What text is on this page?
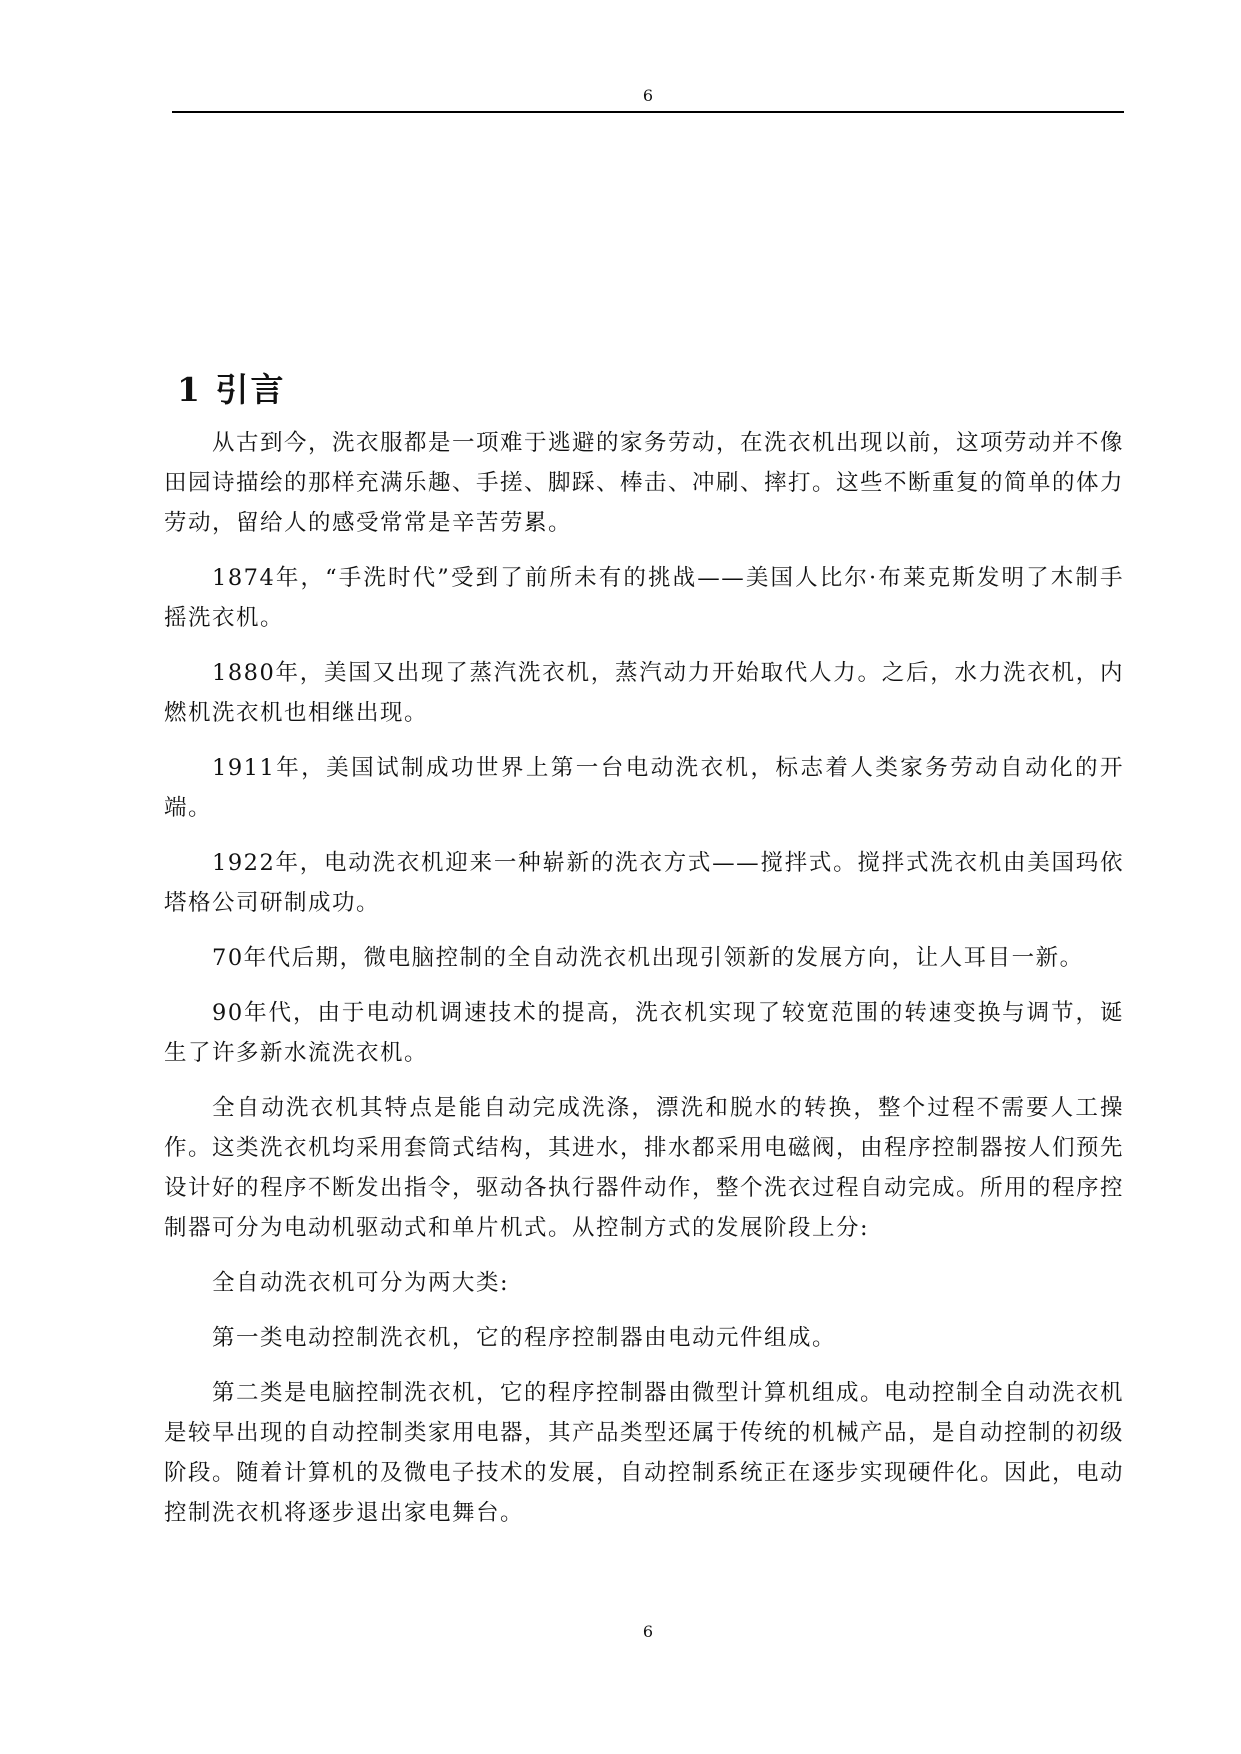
6
1 引言

从古到今，洗衣服都是一项难于逃避的家务劳动，在洗衣机出现以前，这项劳动并不像田园诗描绘的那样充满乐趣、手搓、脚踩、棒击、冲刷、摔打。这些不断重复的简单的体力劳动，留给人的感受常常是辛苦劳累。

1874年，“手洗时代”受到了前所未有的挑战——美国人比尔·布莱克斯发明了木制手摇洗衣机。

1880年，美国又出现了蒸汽洗衣机，蒸汽动力开始取代人力。之后，水力洗衣机，内燃机洗衣机也相继出现。

1911年，美国试制成功世界上第一台电动洗衣机，标志着人类家务劳动自动化的开端。

1922年，电动洗衣机迎来一种崭新的洗衣方式——搅拌式。搅拌式洗衣机由美国玛依塔格公司研制成功。

70年代后期，微电脑控制的全自动洗衣机出现引领新的发展方向，让人耳目一新。

90年代，由于电动机调速技术的提高，洗衣机实现了较宽范围的转速变换与调节，诞生了许多新水流洗衣机。

全自动洗衣机其特点是能自动完成洗涤，漂洗和脱水的转换，整个过程不需要人工操作。这类洗衣机均采用套筒式结构，其进水，排水都采用电磁阀，由程序控制器按人们预先设计好的程序不断发出指令，驱动各执行器件动作，整个洗衣过程自动完成。所用的程序控制器可分为电动机驱动式和单片机式。从控制方式的发展阶段上分:

全自动洗衣机可分为两大类:

第一类电动控制洗衣机，它的程序控制器由电动元件组成。

第二类是电脑控制洗衣机，它的程序控制器由微型计算机组成。电动控制全自动洗衣机是较早出现的自动控制类家用电器，其产品类型还属于传统的机械产品，是自动控制的初级阶段。随着计算机的及微电子技术的发展，自动控制系统正在逐步实现硬件化。因此，电动控制洗衣机将逐步退出家电舞台。

6
